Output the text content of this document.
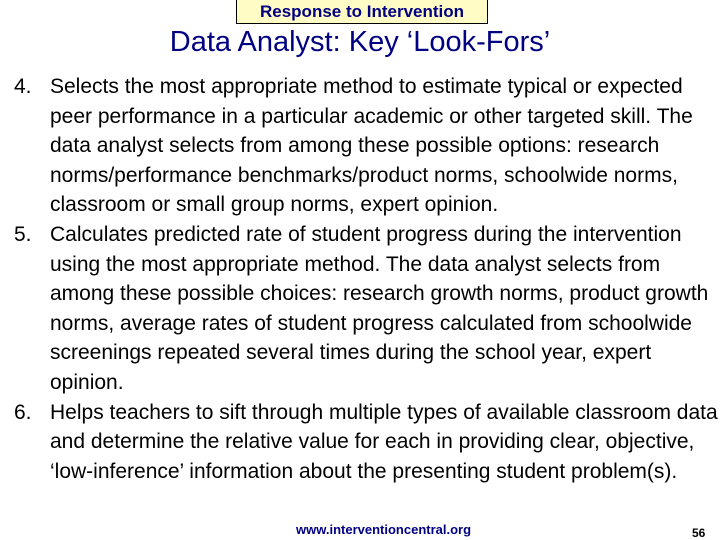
Response to Intervention
Data Analyst: Key ‘Look-Fors’
4. Selects the most appropriate method to estimate typical or expected peer performance in a particular academic or other targeted skill. The data analyst selects from among these possible options: research norms/performance benchmarks/product norms, schoolwide norms, classroom or small group norms, expert opinion.
5. Calculates predicted rate of student progress during the intervention using the most appropriate method. The data analyst selects from among these possible choices: research growth norms, product growth norms, average rates of student progress calculated from schoolwide screenings repeated several times during the school year, expert opinion.
6. Helps teachers to sift through multiple types of available classroom data and determine the relative value for each in providing clear, objective, ‘low-inference’ information about the presenting student problem(s).
www.interventioncentral.org	56
